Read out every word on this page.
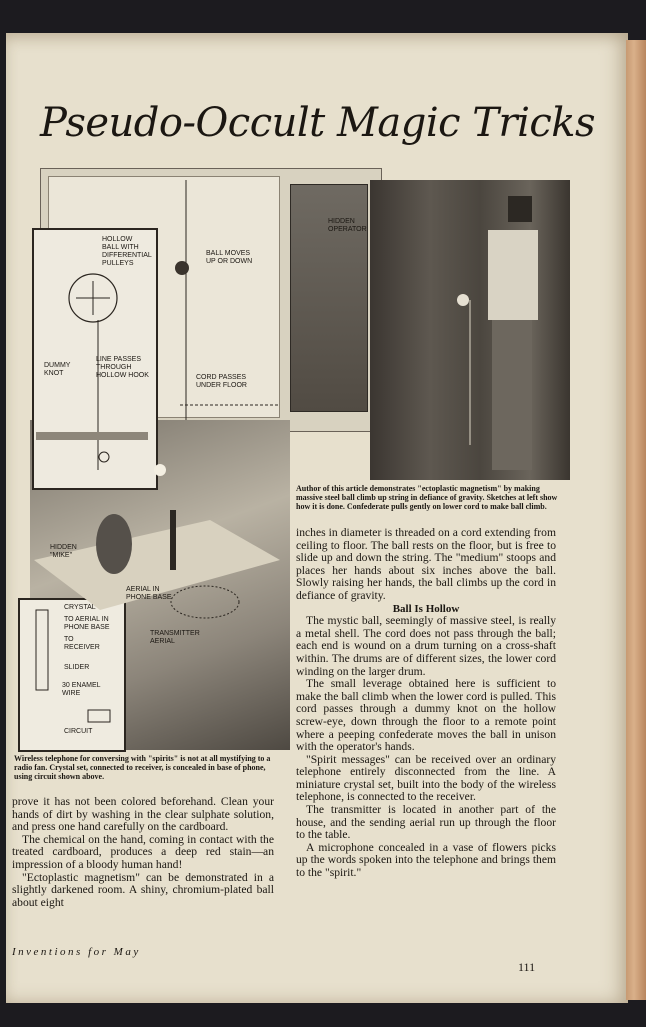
Pseudo-Occult Magic Tricks
HOLLOW
BALL WITH
DIFFERENTIAL
PULLEYS
BALL MOVES
UP OR DOWN
HIDDEN
OPERATOR
DUMMY
KNOT
LINE PASSES
THROUGH
HOLLOW HOOK	CORD PASSES
UNDER FLOOR
HIDDEN
"MIKE"
AERIAL IN
PHONE BASE
TRANSMITTER
AERIAL
CRYSTAL
TO AERIAL IN
PHONE BASE
TO
RECEIVER
SLIDER
30 ENAMEL
WIRE
CIRCUIT
Author of this article demonstrates "ectoplastic magnetism" by making massive steel ball climb up string in defiance of gravity. Sketches at left show how it is done. Confederate pulls gently on lower cord to make ball climb.
Wireless telephone for conversing with "spirits" is not at all mystifying to a radio fan. Crystal set, connected to receiver, is concealed in base of phone, using circuit shown above.

prove it has not been colored beforehand. Clean your hands of dirt by washing in the clear sulphate solution, and press one hand carefully on the cardboard.

The chemical on the hand, coming in contact with the treated cardboard, produces a deep red stain—an impression of a bloody human hand!

"Ectoplastic magnetism" can be demonstrated in a slightly darkened room. A shiny, chromium-plated ball about eight

inches in diameter is threaded on a cord extending from ceiling to floor. The ball rests on the floor, but is free to slide up and down the string. The "medium" stoops and places her hands about six inches above the ball. Slowly raising her hands, the ball climbs up the cord in defiance of gravity.

Ball Is Hollow

The mystic ball, seemingly of massive steel, is really a metal shell. The cord does not pass through the ball; each end is wound on a drum turning on a cross-shaft within. The drums are of different sizes, the lower cord winding on the larger drum.

The small leverage obtained here is sufficient to make the ball climb when the lower cord is pulled. This cord passes through a dummy knot on the hollow screw-eye, down through the floor to a remote point where a peeping confederate moves the ball in unison with the operator's hands.

"Spirit messages" can be received over an ordinary telephone entirely disconnected from the line. A miniature crystal set, built into the body of the wireless telephone, is connected to the receiver.

The transmitter is located in another part of the house, and the sending aerial run up through the floor to the table.

A microphone concealed in a vase of flowers picks up the words spoken into the telephone and brings them to the "spirit."

Inventions for May
111
